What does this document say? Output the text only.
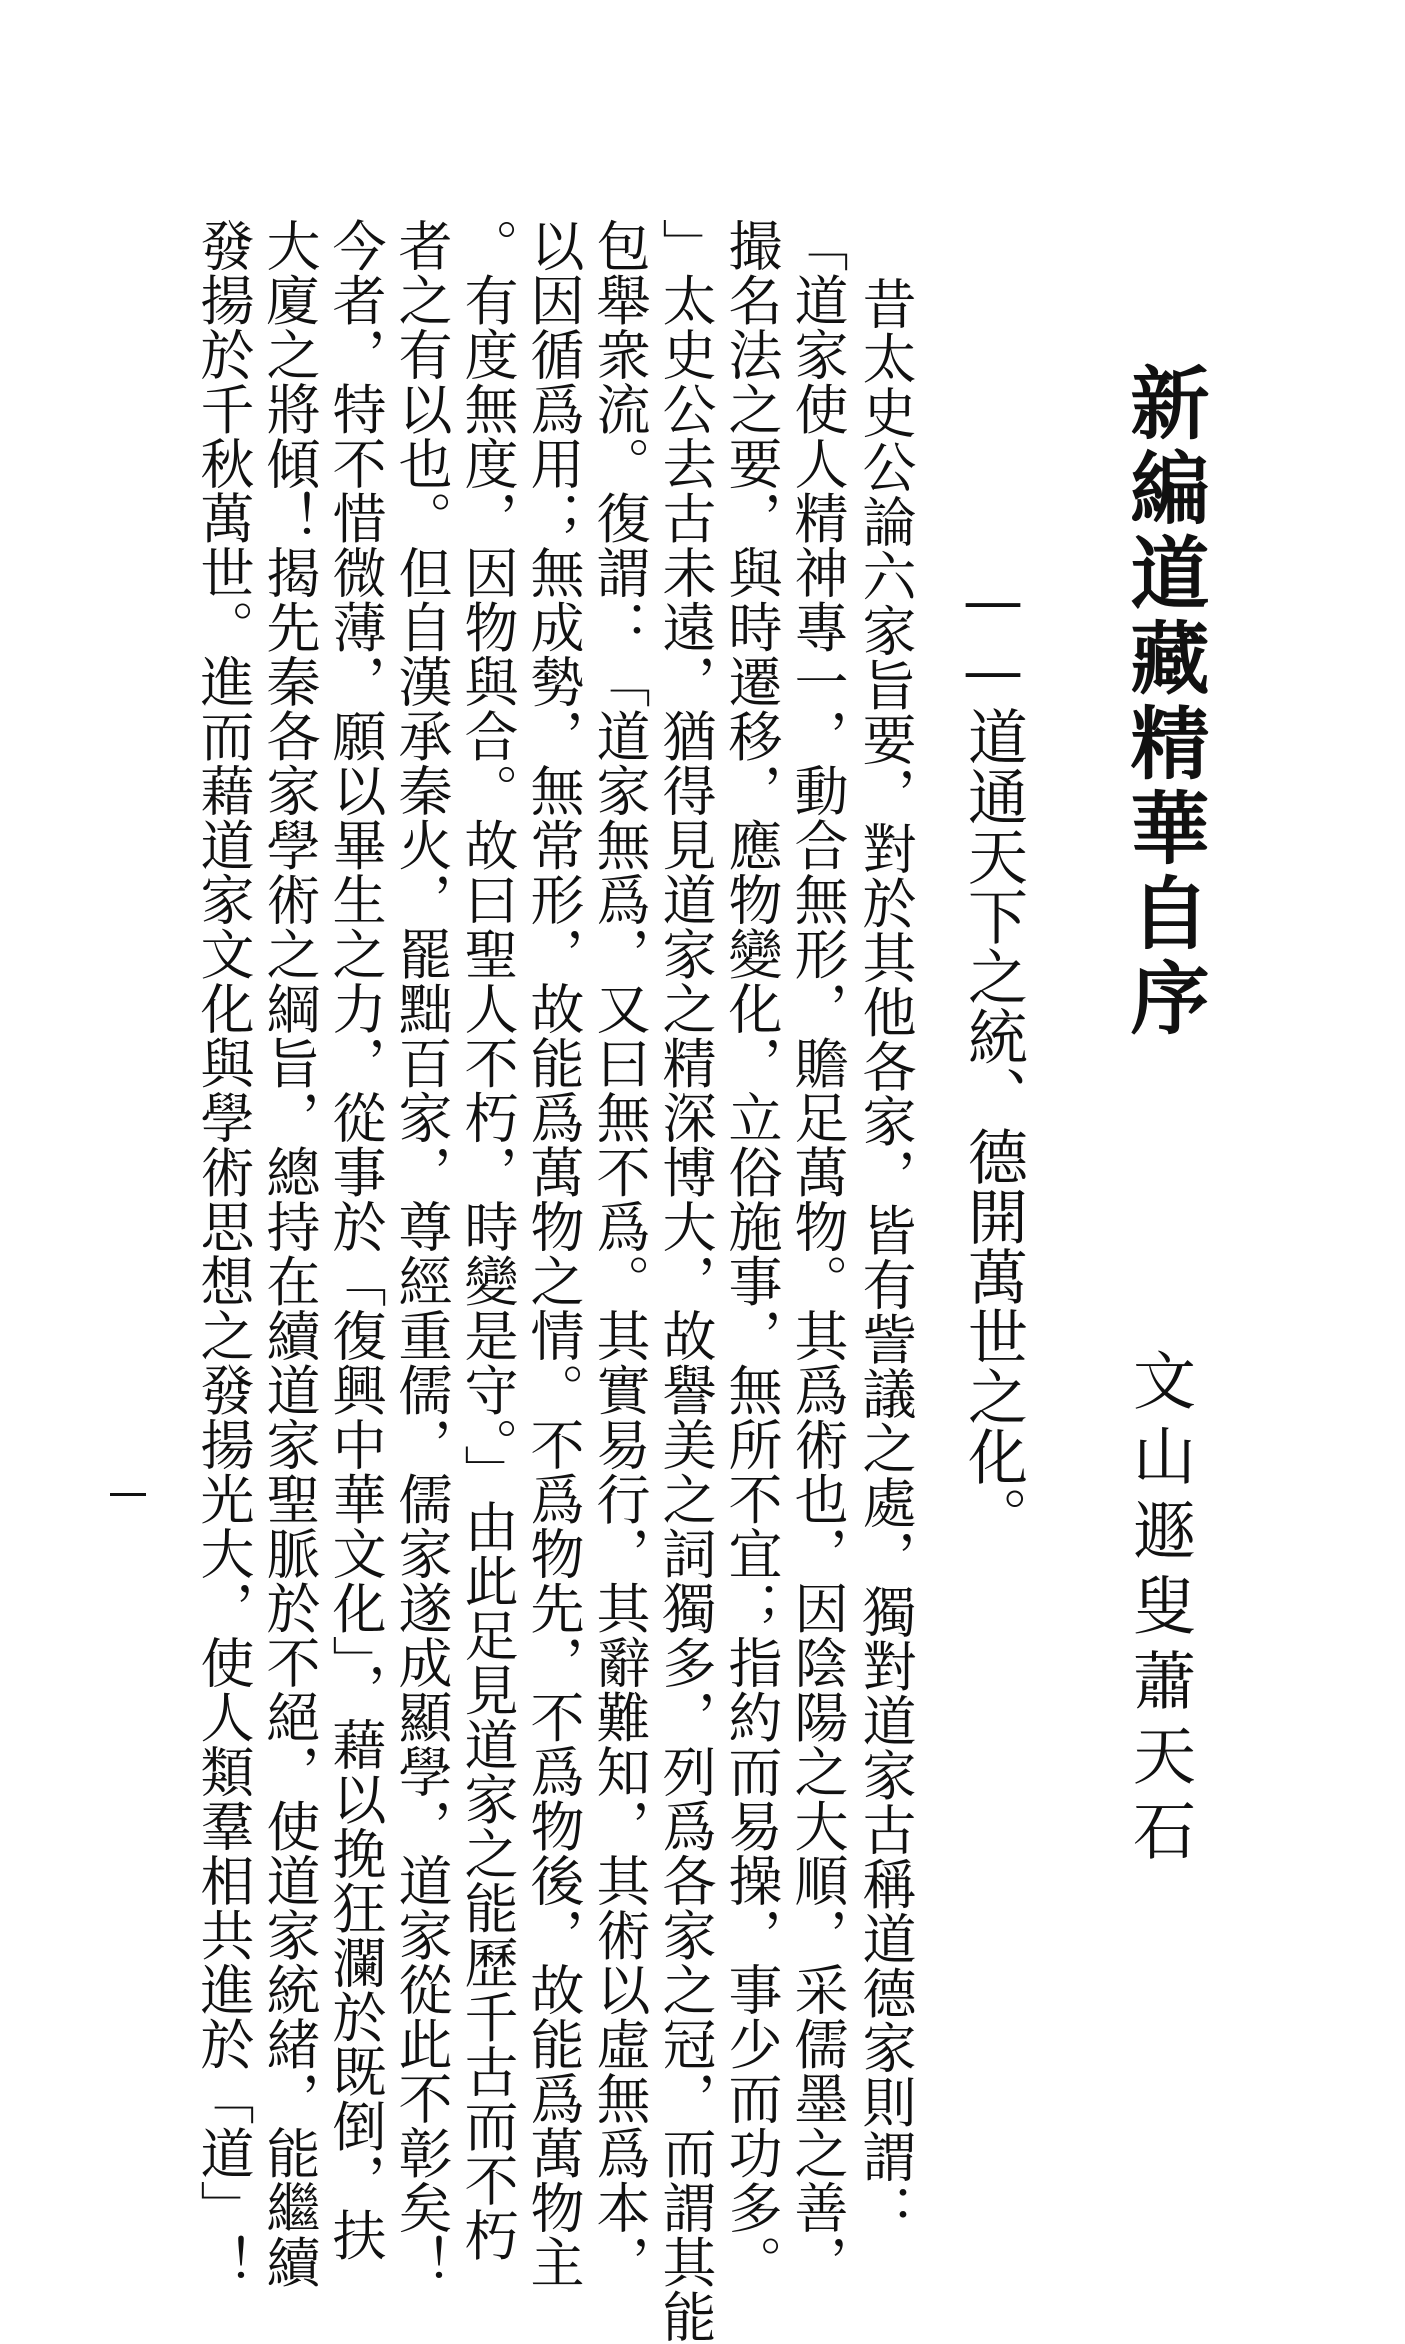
新編道藏精華自序
——道通天下之統、德開萬世之化。
文山遯叟蕭天石
昔太史公論六家旨要，對於其他各家，皆有訾議之處，獨對道家古稱道德家則謂：
「道家使人精神專一，動合無形，贍足萬物。其爲術也，因陰陽之大順，采儒墨之善，
撮名法之要，與時遷移，應物變化，立俗施事，無所不宜；指約而易操，事少而功多。
」太史公去古未遠，猶得見道家之精深博大，故譽美之詞獨多，列爲各家之冠，而謂其能
包舉衆流。復謂：「道家無爲，又曰無不爲。其實易行，其辭難知，其術以虛無爲本，
以因循爲用；無成勢，無常形，故能爲萬物之情。不爲物先，不爲物後，故能爲萬物主
。有度無度，因物與合。故曰聖人不朽，時變是守。」由此足見道家之能歷千古而不朽
者之有以也。但自漢承秦火，罷黜百家，尊經重儒，儒家遂成顯學，道家從此不彰矣！
今者，特不惜微薄，願以畢生之力，從事於「復興中華文化」，藉以挽狂瀾於既倒，扶
大廈之將傾！揭先秦各家學術之綱旨，總持在續道家聖脈於不絕，使道家統緒，能繼續
發揚於千秋萬世。進而藉道家文化與學術思想之發揚光大，使人類羣相共進於「道」！
